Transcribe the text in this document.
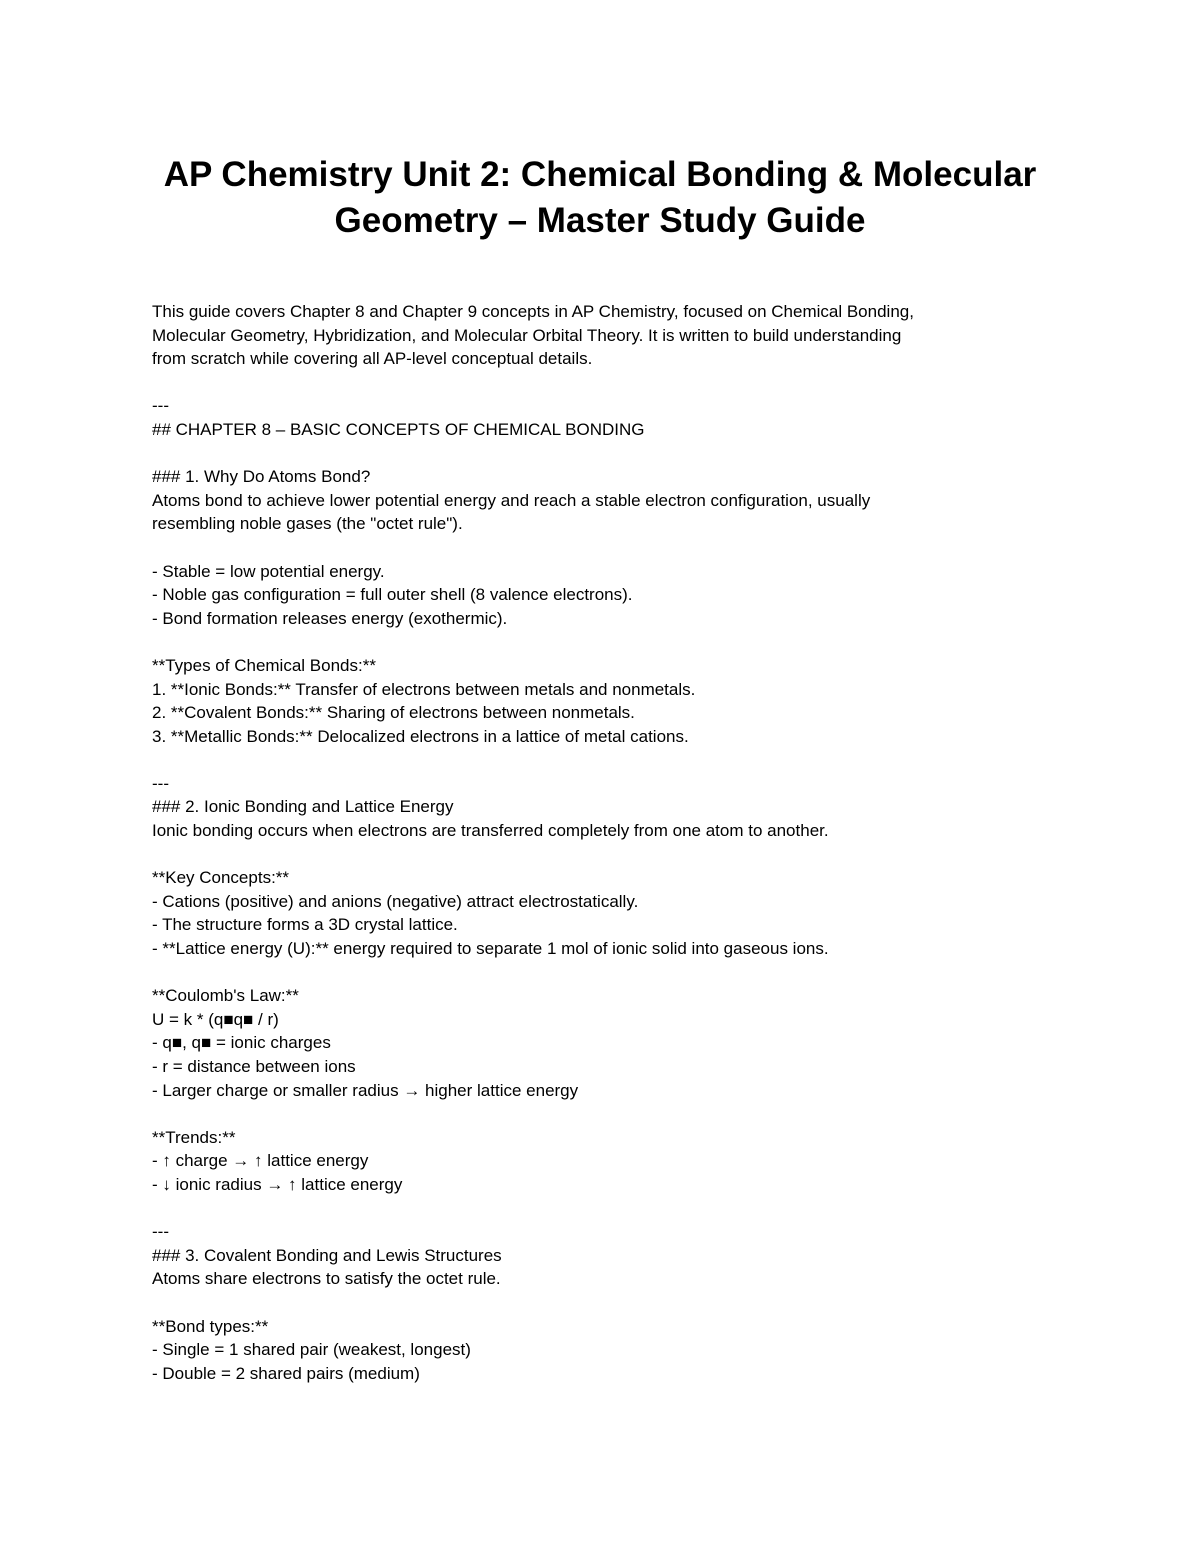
AP Chemistry Unit 2: Chemical Bonding & Molecular
Geometry – Master Study Guide
This guide covers Chapter 8 and Chapter 9 concepts in AP Chemistry, focused on Chemical Bonding,
Molecular Geometry, Hybridization, and Molecular Orbital Theory. It is written to build understanding
from scratch while covering all AP-level conceptual details.
---
## CHAPTER 8 – BASIC CONCEPTS OF CHEMICAL BONDING
### 1. Why Do Atoms Bond?
Atoms bond to achieve lower potential energy and reach a stable electron configuration, usually
resembling noble gases (the "octet rule").
- Stable = low potential energy.
- Noble gas configuration = full outer shell (8 valence electrons).
- Bond formation releases energy (exothermic).
**Types of Chemical Bonds:**
1. **Ionic Bonds:** Transfer of electrons between metals and nonmetals.
2. **Covalent Bonds:** Sharing of electrons between nonmetals.
3. **Metallic Bonds:** Delocalized electrons in a lattice of metal cations.
---
### 2. Ionic Bonding and Lattice Energy
Ionic bonding occurs when electrons are transferred completely from one atom to another.
**Key Concepts:**
- Cations (positive) and anions (negative) attract electrostatically.
- The structure forms a 3D crystal lattice.
- **Lattice energy (U):** energy required to separate 1 mol of ionic solid into gaseous ions.
**Coulomb's Law:**
U = k * (q■q■ / r)
- q■, q■ = ionic charges
- r = distance between ions
- Larger charge or smaller radius → higher lattice energy
**Trends:**
- ↑ charge → ↑ lattice energy
- ↓ ionic radius → ↑ lattice energy
---
### 3. Covalent Bonding and Lewis Structures
Atoms share electrons to satisfy the octet rule.
**Bond types:**
- Single = 1 shared pair (weakest, longest)
- Double = 2 shared pairs (medium)
